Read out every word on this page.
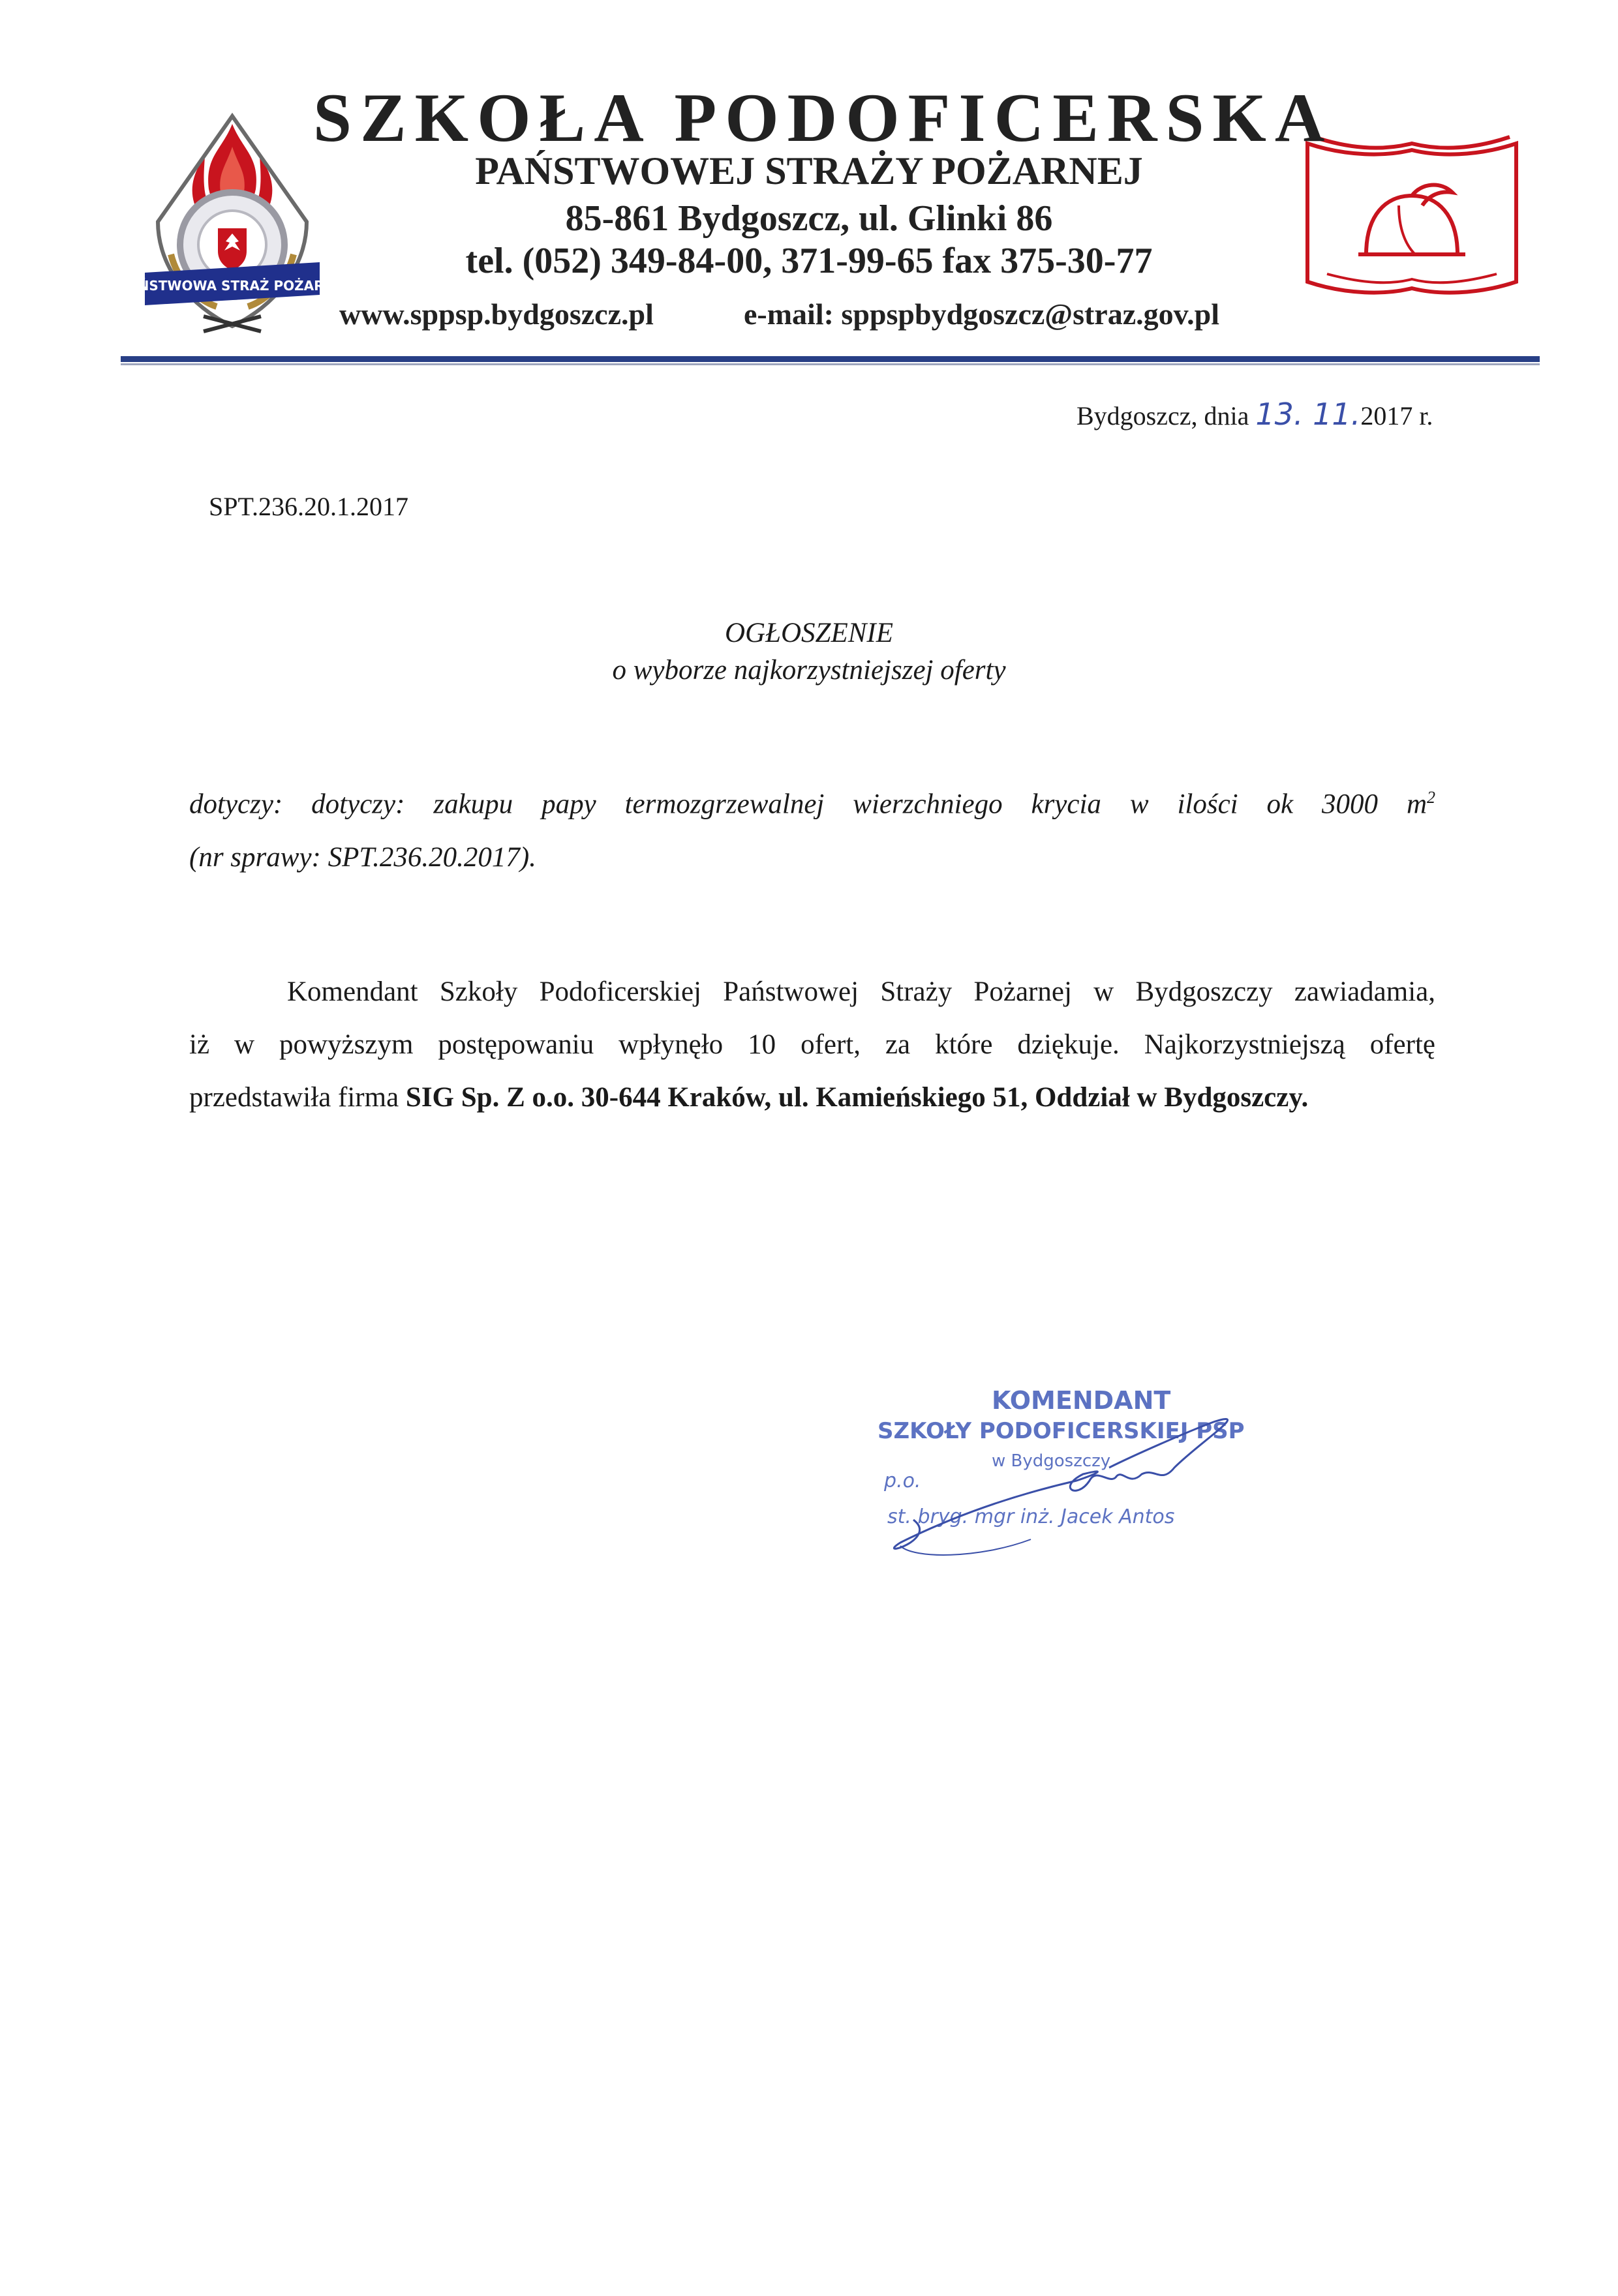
PAŃSTWOWA STRAŻ POŻARNA
SZKOŁA PODOFICERSKA
PAŃSTWOWEJ STRAŻY POŻARNEJ
85-861 Bydgoszcz, ul. Glinki 86
tel. (052) 349-84-00, 371-99-65 fax 375-30-77
www.sppsp.bydgoszcz.pl	e-mail: sppspbydgoszcz@straz.gov.pl
Bydgoszcz, dnia 13. 11.2017 r.
SPT.236.20.1.2017
OGŁOSZENIE
o wyborze najkorzystniejszej oferty
dotyczy: dotyczy: zakupu papy termozgrzewalnej wierzchniego krycia w ilości ok 3000 $m^2$
(nr sprawy: SPT.236.20.2017).
Komendant Szkoły Podoficerskiej Państwowej Straży Pożarnej w Bydgoszczy zawiadamia,
iż w powyższym postępowaniu wpłynęło 10 ofert, za które dziękuje. Najkorzystniejszą ofertę
przedstawiła firma SIG Sp. Z o.o. 30-644 Kraków, ul. Kamieńskiego 51, Oddział w Bydgoszczy.
KOMENDANT
SZKOŁY PODOFICERSKIEJ PSP
w Bydgoszczy
p.o.
st. bryg. mgr inż. Jacek Antos
